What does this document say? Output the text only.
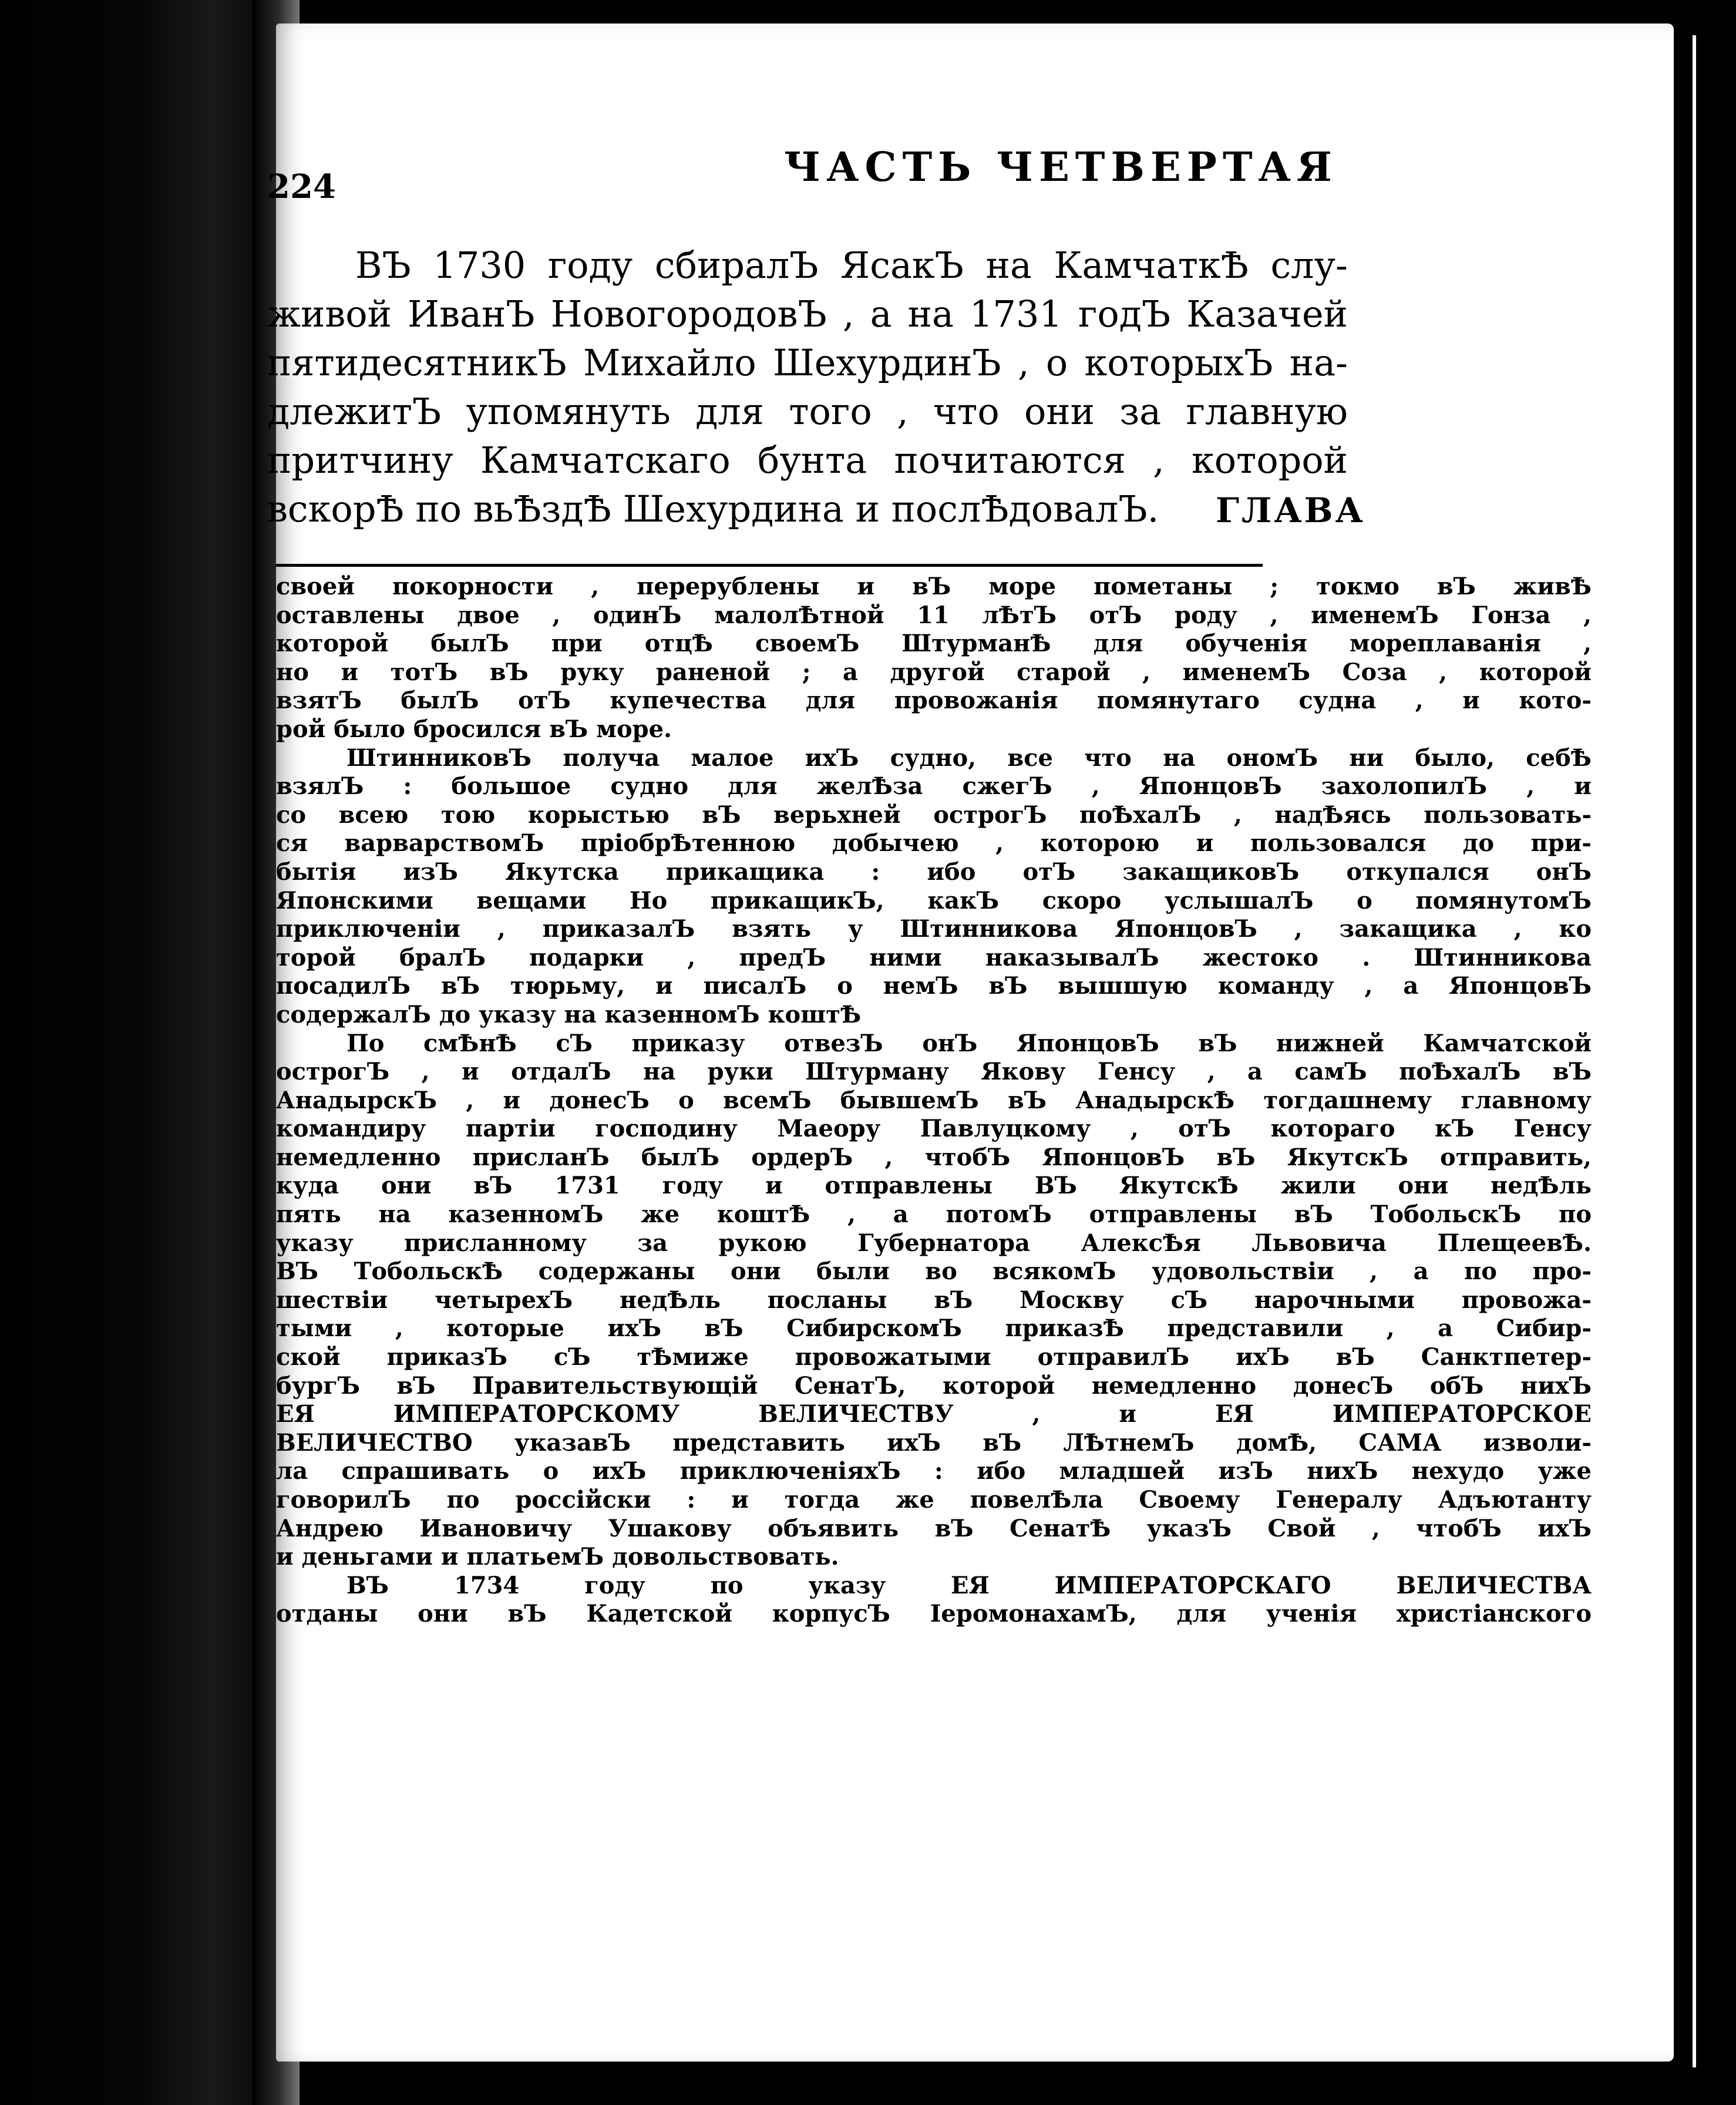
224	ЧАСТЬ ЧЕТВЕРТАЯ
ВЪ 1730 году сбиралЪ ЯсакЪ на КамчаткѢ слу-
живой ИванЪ НовогородовЪ , а на 1731 годЪ Казачей
пятидесятникЪ Михайло ШехурдинЪ , о которыхЪ на-
длежитЪ упомянуть для того , что они за главную
притчину Камчатскаго бунта почитаются , которой
вскорѢ по вьѢздѢ Шехурдина и послѢдовалЪ.	ГЛАВА
своей покорности , перерублены и вЪ море пометаны ; токмо вЪ живѢ
оставлены двое , одинЪ малолѢтной 11 лѢтЪ отЪ роду , именемЪ Гонза ,
которой былЪ при отцѢ своемЪ ШтурманѢ для обученія мореплаванія ,
но и тотЪ вЪ руку раненой ; а другой старой , именемЪ Соза , которой
взятЪ былЪ отЪ купечества для провожанія помянутаго судна , и кото-
рой было бросился вЪ море.
ШтинниковЪ получа малое ихЪ судно, все что на ономЪ ни было, себѢ
взялЪ : большое судно для желѢза сжегЪ , ЯпонцовЪ захолопилЪ , и
со всею тою корыстью вЪ верьхней острогЪ поѢхалЪ , надѢясь пользовать-
ся варварствомЪ пріобрѢтенною добычею , которою и пользовался до при-
бытія изЪ Якутска прикащика : ибо отЪ закащиковЪ откупался онЪ
Японскими вещами Но прикащикЪ, какЪ скоро услышалЪ о помянутомЪ
приключеніи , приказалЪ взять у Штинникова ЯпонцовЪ , закащика , ко
торой бралЪ подарки , предЪ ними наказывалЪ жестоко . Штинникова
посадилЪ вЪ тюрьму, и писалЪ о немЪ вЪ вышшую команду , а ЯпонцовЪ
содержалЪ до указу на казенномЪ коштѢ
По смѢнѢ сЪ приказу отвезЪ онЪ ЯпонцовЪ вЪ нижней Камчатской
острогЪ , и отдалЪ на руки Штурману Якову Генсу , а самЪ поѢхалЪ вЪ
АнадырскЪ , и донесЪ о всемЪ бывшемЪ вЪ АнадырскѢ тогдашнему главному
командиру партіи господину Маеору Павлуцкому , отЪ котораго кЪ Генсу
немедленно присланЪ былЪ ордерЪ , чтобЪ ЯпонцовЪ вЪ ЯкутскЪ отправить,
куда они вЪ 1731 году и отправлены ВЪ ЯкутскѢ жили они недѢль
пять на казенномЪ же коштѢ , а потомЪ отправлены вЪ ТобольскЪ по
указу присланному за рукою Губернатора АлексѢя Львовича ПлещеевѢ.
ВЪ ТобольскѢ содержаны они были во всякомЪ удовольствіи , а по про-
шествіи четырехЪ недѢль посланы вЪ Москву сЪ нарочными провожа-
тыми , которые ихЪ вЪ СибирскомЪ приказѢ представили , а Сибир-
ской приказЪ сЪ тѢмиже провожатыми отправилЪ ихЪ вЪ Санктпетер-
бургЪ вЪ Правительствующій СенатЪ, которой немедленно донесЪ обЪ нихЪ
ЕЯ ИМПЕРАТОРСКОМУ ВЕЛИЧЕСТВУ , и ЕЯ ИМПЕРАТОРСКОЕ
ВЕЛИЧЕСТВО указавЪ представить ихЪ вЪ ЛѢтнемЪ домѢ, САМА изволи-
ла спрашивать о ихЪ приключеніяхЪ : ибо младшей изЪ нихЪ нехудо уже
говорилЪ по россійски : и тогда же повелѢла Своему Генералу Адъютанту
Андрею Ивановичу Ушакову объявить вЪ СенатѢ указЪ Свой , чтобЪ ихЪ
и деньгами и платьемЪ довольствовать.
ВЪ 1734 году по указу ЕЯ ИМПЕРАТОРСКАГО ВЕЛИЧЕСТВА
отданы они вЪ Кадетской корпусЪ ІеромонахамЪ, для ученія христіанского
